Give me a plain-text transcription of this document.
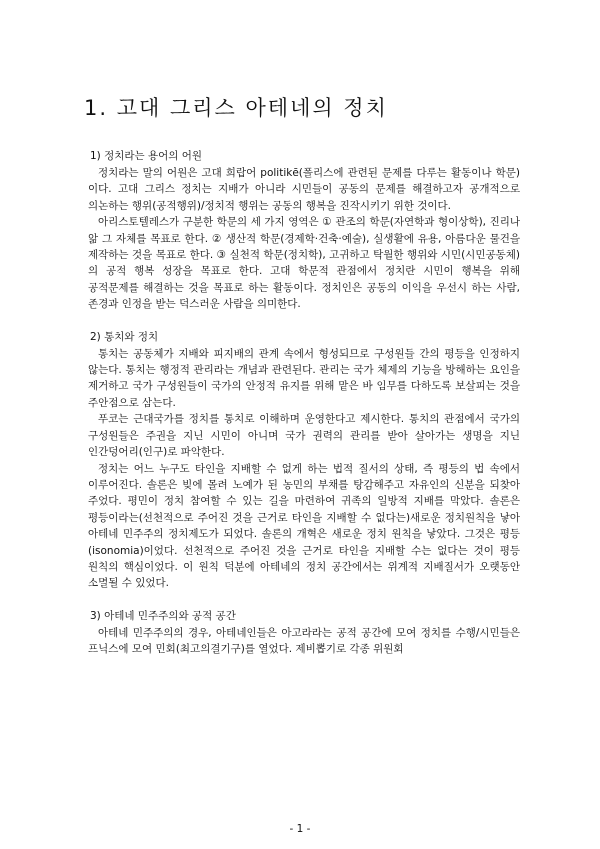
1. 고대 그리스 아테네의 정치
1) 정치라는 용어의 어원

정치라는 말의 어원은 고대 희랍어 politikē(폴리스에 관련된 문제를 다루는 활동이나 학문)이다. 고대 그리스 정치는 지배가 아니라 시민들이 공동의 문제를 해결하고자 공개적으로 의논하는 행위(공적행위)/정치적 행위는 공동의 행복을 진작시키기 위한 것이다.

아리스토텔레스가 구분한 학문의 세 가지 영역은 ① 관조의 학문(자연학과 형이상학), 진리나 앎 그 자체를 목표로 한다. ② 생산적 학문(경제학·건축·예술), 실생활에 유용, 아름다운 물건을 제작하는 것을 목표로 한다. ③ 실천적 학문(정치학), 고귀하고 탁월한 행위와 시민(시민공동체)의 공적 행복 성장을 목표로 한다. 고대 학문적 관점에서 정치란 시민이 행복을 위해 공적문제를 해결하는 것을 목표로 하는 활동이다. 정치인은 공동의 이익을 우선시 하는 사람, 존경과 인정을 받는 덕스러운 사람을 의미한다.

2) 통치와 정치

통치는 공동체가 지배와 피지배의 관계 속에서 형성되므로 구성원들 간의 평등을 인정하지 않는다. 통치는 행정적 관리라는 개념과 관련된다. 관리는 국가 체제의 기능을 방해하는 요인을 제거하고 국가 구성원들이 국가의 안정적 유지를 위해 맡은 바 임무를 다하도록 보살피는 것을 주안점으로 삼는다.

푸코는 근대국가를 정치를 통치로 이해하며 운영한다고 제시한다. 통치의 관점에서 국가의 구성원들은 주권을 지닌 시민이 아니며 국가 권력의 관리를 받아 살아가는 생명을 지닌 인간덩어리(인구)로 파악한다.

정치는 어느 누구도 타인을 지배할 수 없게 하는 법적 질서의 상태, 즉 평등의 법 속에서 이루어진다. 솔론은 빚에 몰려 노예가 된 농민의 부채를 탕감해주고 자유인의 신분을 되찾아 주었다. 평민이 정치 참여할 수 있는 길을 마련하여 귀족의 일방적 지배를 막았다. 솔론은 평등이라는(선천적으로 주어진 것을 근거로 타인을 지배할 수 없다는)새로운 정치원칙을 낳아 아테네 민주주의 정치제도가 되었다. 솔론의 개혁은 새로운 정치 원칙을 낳았다. 그것은 평등(isonomia)이었다. 선천적으로 주어진 것을 근거로 타인을 지배할 수는 없다는 것이 평등 원칙의 핵심이었다. 이 원칙 덕분에 아테네의 정치 공간에서는 위계적 지배질서가 오랫동안 소멸될 수 있었다.

3) 아테네 민주주의와 공적 공간

아테네 민주주의의 경우, 아테네인들은 아고라라는 공적 공간에 모여 정치를 수행/시민들은 프닉스에 모여 민회(최고의결기구)를 열었다. 제비뽑기로 각종 위원회

- 1 -
